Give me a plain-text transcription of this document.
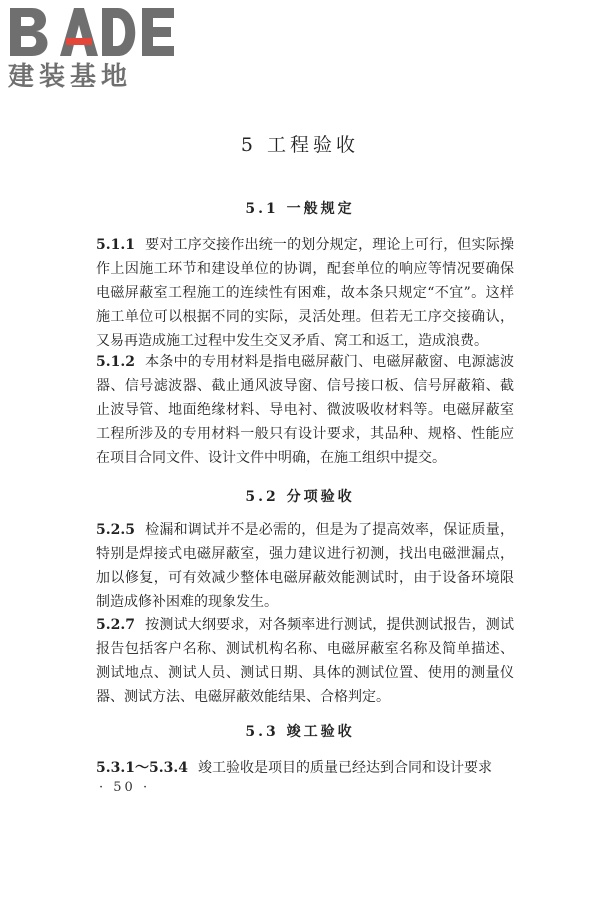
建装基地
5 工程验收
5.1 一般规定

5.1.1 要对工序交接作出统一的划分规定，理论上可行，但实际操作上因施工环节和建设单位的协调，配套单位的响应等情况要确保电磁屏蔽室工程施工的连续性有困难，故本条只规定“不宜”。这样施工单位可以根据不同的实际，灵活处理。但若无工序交接确认，又易再造成施工过程中发生交叉矛盾、窝工和返工，造成浪费。

5.1.2 本条中的专用材料是指电磁屏蔽门、电磁屏蔽窗、电源滤波器、信号滤波器、截止通风波导窗、信号接口板、信号屏蔽箱、截止波导管、地面绝缘材料、导电衬、微波吸收材料等。电磁屏蔽室工程所涉及的专用材料一般只有设计要求，其品种、规格、性能应在项目合同文件、设计文件中明确，在施工组织中提交。

5.2 分项验收

5.2.5 检漏和调试并不是必需的，但是为了提高效率，保证质量，特别是焊接式电磁屏蔽室，强力建议进行初测，找出电磁泄漏点，加以修复，可有效减少整体电磁屏蔽效能测试时，由于设备环境限制造成修补困难的现象发生。

5.2.7 按测试大纲要求，对各频率进行测试，提供测试报告，测试报告包括客户名称、测试机构名称、电磁屏蔽室名称及简单描述、测试地点、测试人员、测试日期、具体的测试位置、使用的测量仪器、测试方法、电磁屏蔽效能结果、合格判定。

5.3 竣工验收

5.3.1～5.3.4 竣工验收是项目的质量已经达到合同和设计要求

· 50 ·
